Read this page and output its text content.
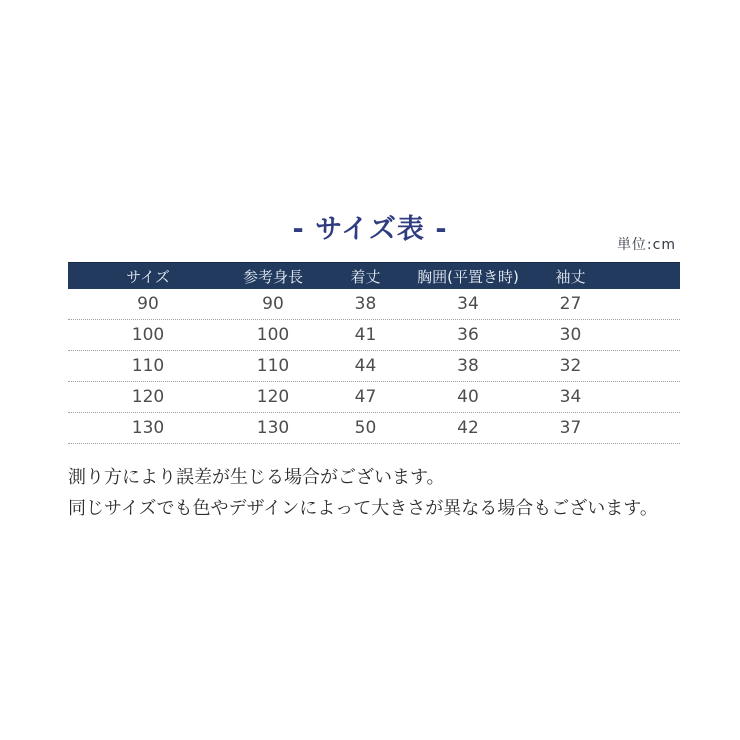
- サイズ表 -	単位:cm
サイズ	参考身長	着丈	胸囲(平置き時)	袖丈
90	90	38	34	27
100	100	41	36	30
110	110	44	38	32
120	120	47	40	34
130	130	50	42	37
測り方により誤差が生じる場合がございます。
同じサイズでも色やデザインによって大きさが異なる場合もございます。
